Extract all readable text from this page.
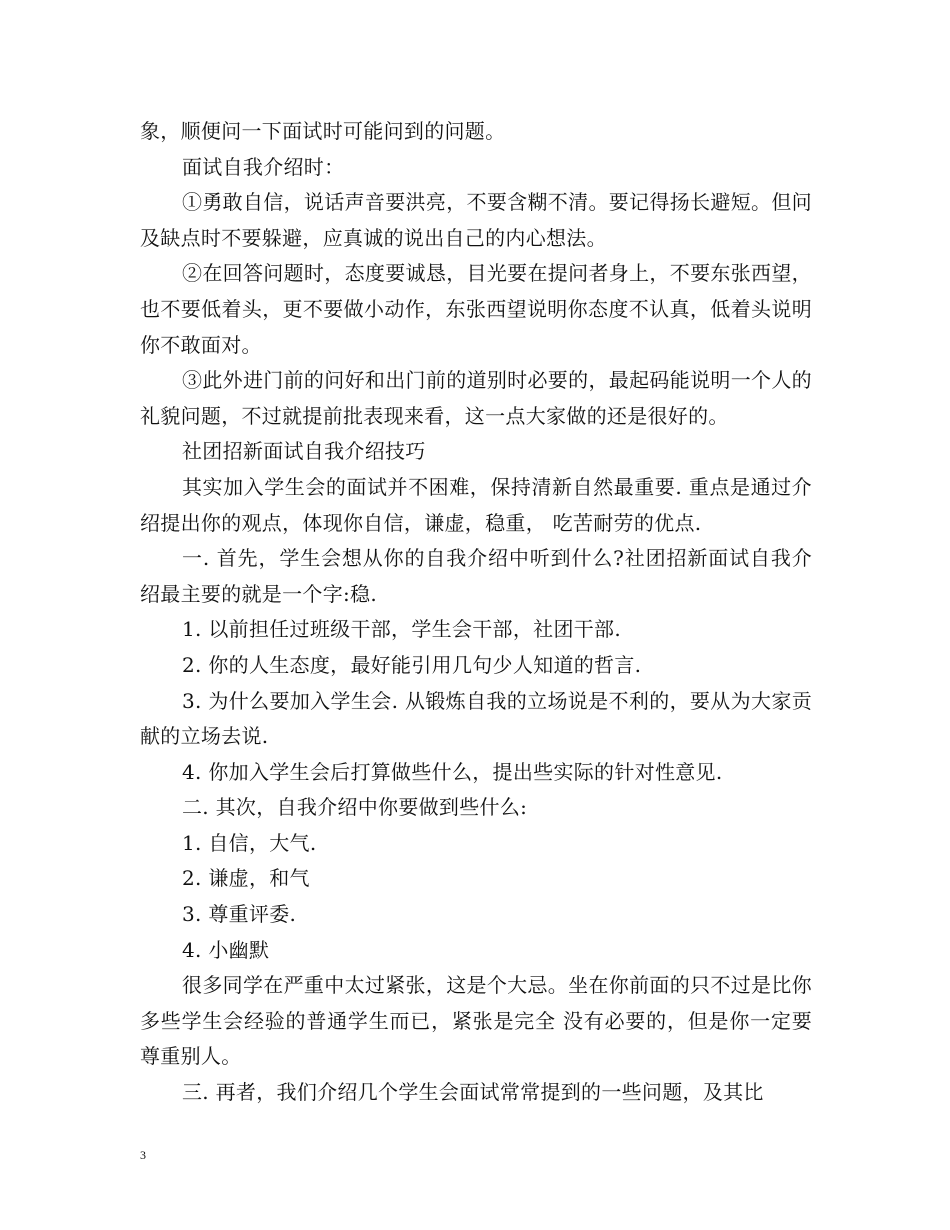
象，顺便问一下面试时可能问到的问题。

面试自我介绍时：

①勇敢自信，说话声音要洪亮，不要含糊不清。要记得扬长避短。但问及缺点时不要躲避，应真诚的说出自己的内心想法。

②在回答问题时，态度要诚恳，目光要在提问者身上，不要东张西望，也不要低着头，更不要做小动作，东张西望说明你态度不认真，低着头说明你不敢面对。

③此外进门前的问好和出门前的道别时必要的，最起码能说明一个人的礼貌问题，不过就提前批表现来看，这一点大家做的还是很好的。

社团招新面试自我介绍技巧

其实加入学生会的面试并不困难，保持清新自然最重要. 重点是通过介绍提出你的观点，体现你自信，谦虚，稳重， 吃苦耐劳的优点.

一. 首先，学生会想从你的自我介绍中听到什么?社团招新面试自我介绍最主要的就是一个字:稳.

1. 以前担任过班级干部，学生会干部，社团干部.

2. 你的人生态度，最好能引用几句少人知道的哲言.

3. 为什么要加入学生会. 从锻炼自我的立场说是不利的，要从为大家贡献的立场去说.

4. 你加入学生会后打算做些什么，提出些实际的针对性意见.

二. 其次，自我介绍中你要做到些什么:

1. 自信，大气.

2. 谦虚，和气

3. 尊重评委.

4. 小幽默

很多同学在严重中太过紧张，这是个大忌。坐在你前面的只不过是比你多些学生会经验的普通学生而已，紧张是完全 没有必要的，但是你一定要尊重别人。

三. 再者，我们介绍几个学生会面试常常提到的一些问题，及其比

3
